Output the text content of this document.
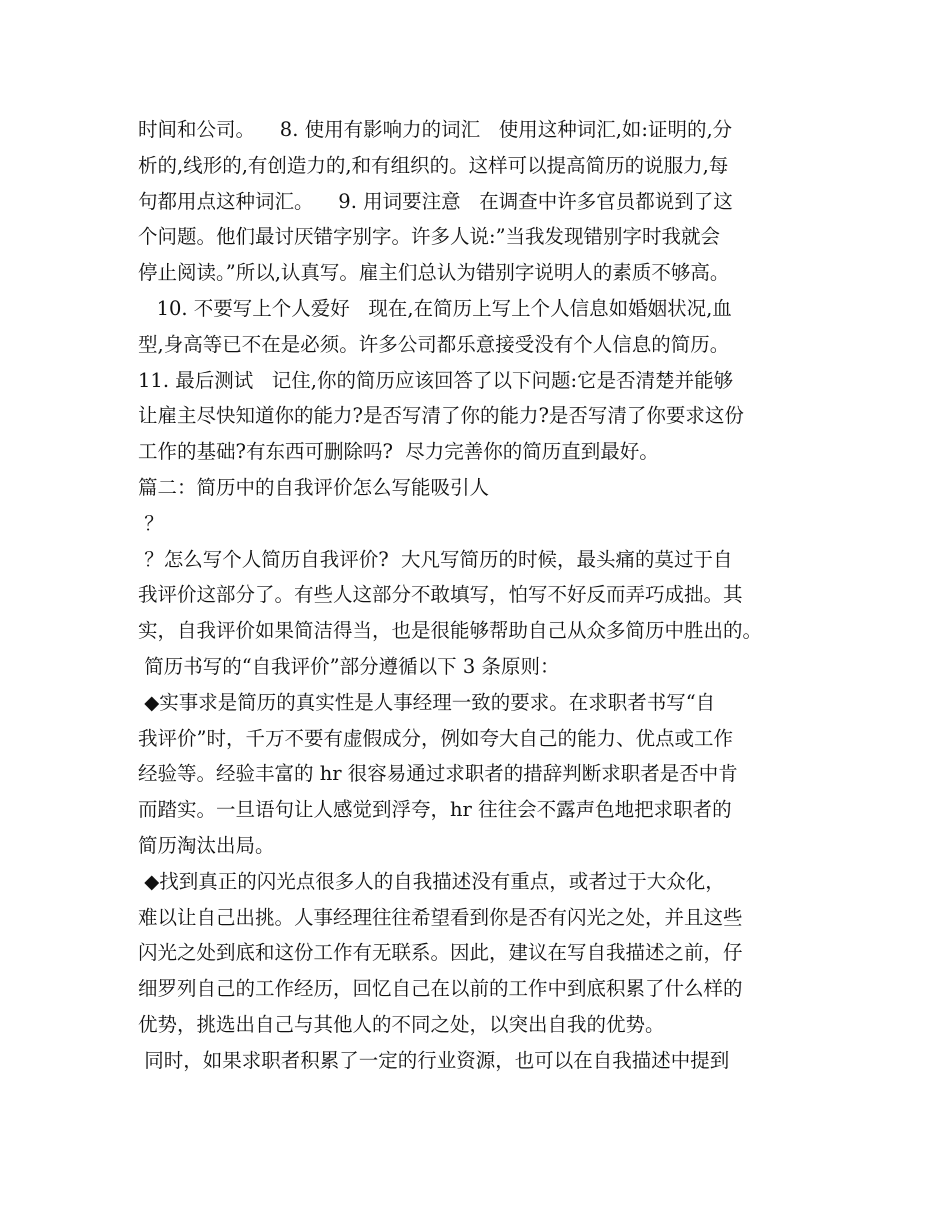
时间和公司。    8. 使用有影响力的词汇   使用这种词汇,如:证明的,分
析的,线形的,有创造力的,和有组织的。这样可以提高简历的说服力,每
句都用点这种词汇。    9. 用词要注意   在调查中许多官员都说到了这
个问题。他们最讨厌错字别字。许多人说:”当我发现错别字时我就会
停止阅读。”所以,认真写。雇主们总认为错别字说明人的素质不够高。
10. 不要写上个人爱好   现在,在简历上写上个人信息如婚姻状况,血
型,身高等已不在是必须。许多公司都乐意接受没有个人信息的简历。
11. 最后测试   记住,你的简历应该回答了以下问题:它是否清楚并能够
让雇主尽快知道你的能力?是否写清了你的能力?是否写清了你要求这份
工作的基础?有东西可删除吗?  尽力完善你的简历直到最好。
篇二：简历中的自我评价怎么写能吸引人
？
？怎么写个人简历自我评价?  大凡写简历的时候，最头痛的莫过于自
我评价这部分了。有些人这部分不敢填写，怕写不好反而弄巧成拙。其
实，自我评价如果简洁得当，也是很能够帮助自己从众多简历中胜出的。
简历书写的“自我评价”部分遵循以下 3 条原则：
◆实事求是简历的真实性是人事经理一致的要求。在求职者书写“自
我评价”时，千万不要有虚假成分，例如夸大自己的能力、优点或工作
经验等。经验丰富的 hr 很容易通过求职者的措辞判断求职者是否中肯
而踏实。一旦语句让人感觉到浮夸，hr 往往会不露声色地把求职者的
简历淘汰出局。
◆找到真正的闪光点很多人的自我描述没有重点，或者过于大众化，
难以让自己出挑。人事经理往往希望看到你是否有闪光之处，并且这些
闪光之处到底和这份工作有无联系。因此，建议在写自我描述之前，仔
细罗列自己的工作经历，回忆自己在以前的工作中到底积累了什么样的
优势，挑选出自己与其他人的不同之处，以突出自我的优势。
同时，如果求职者积累了一定的行业资源，也可以在自我描述中提到
